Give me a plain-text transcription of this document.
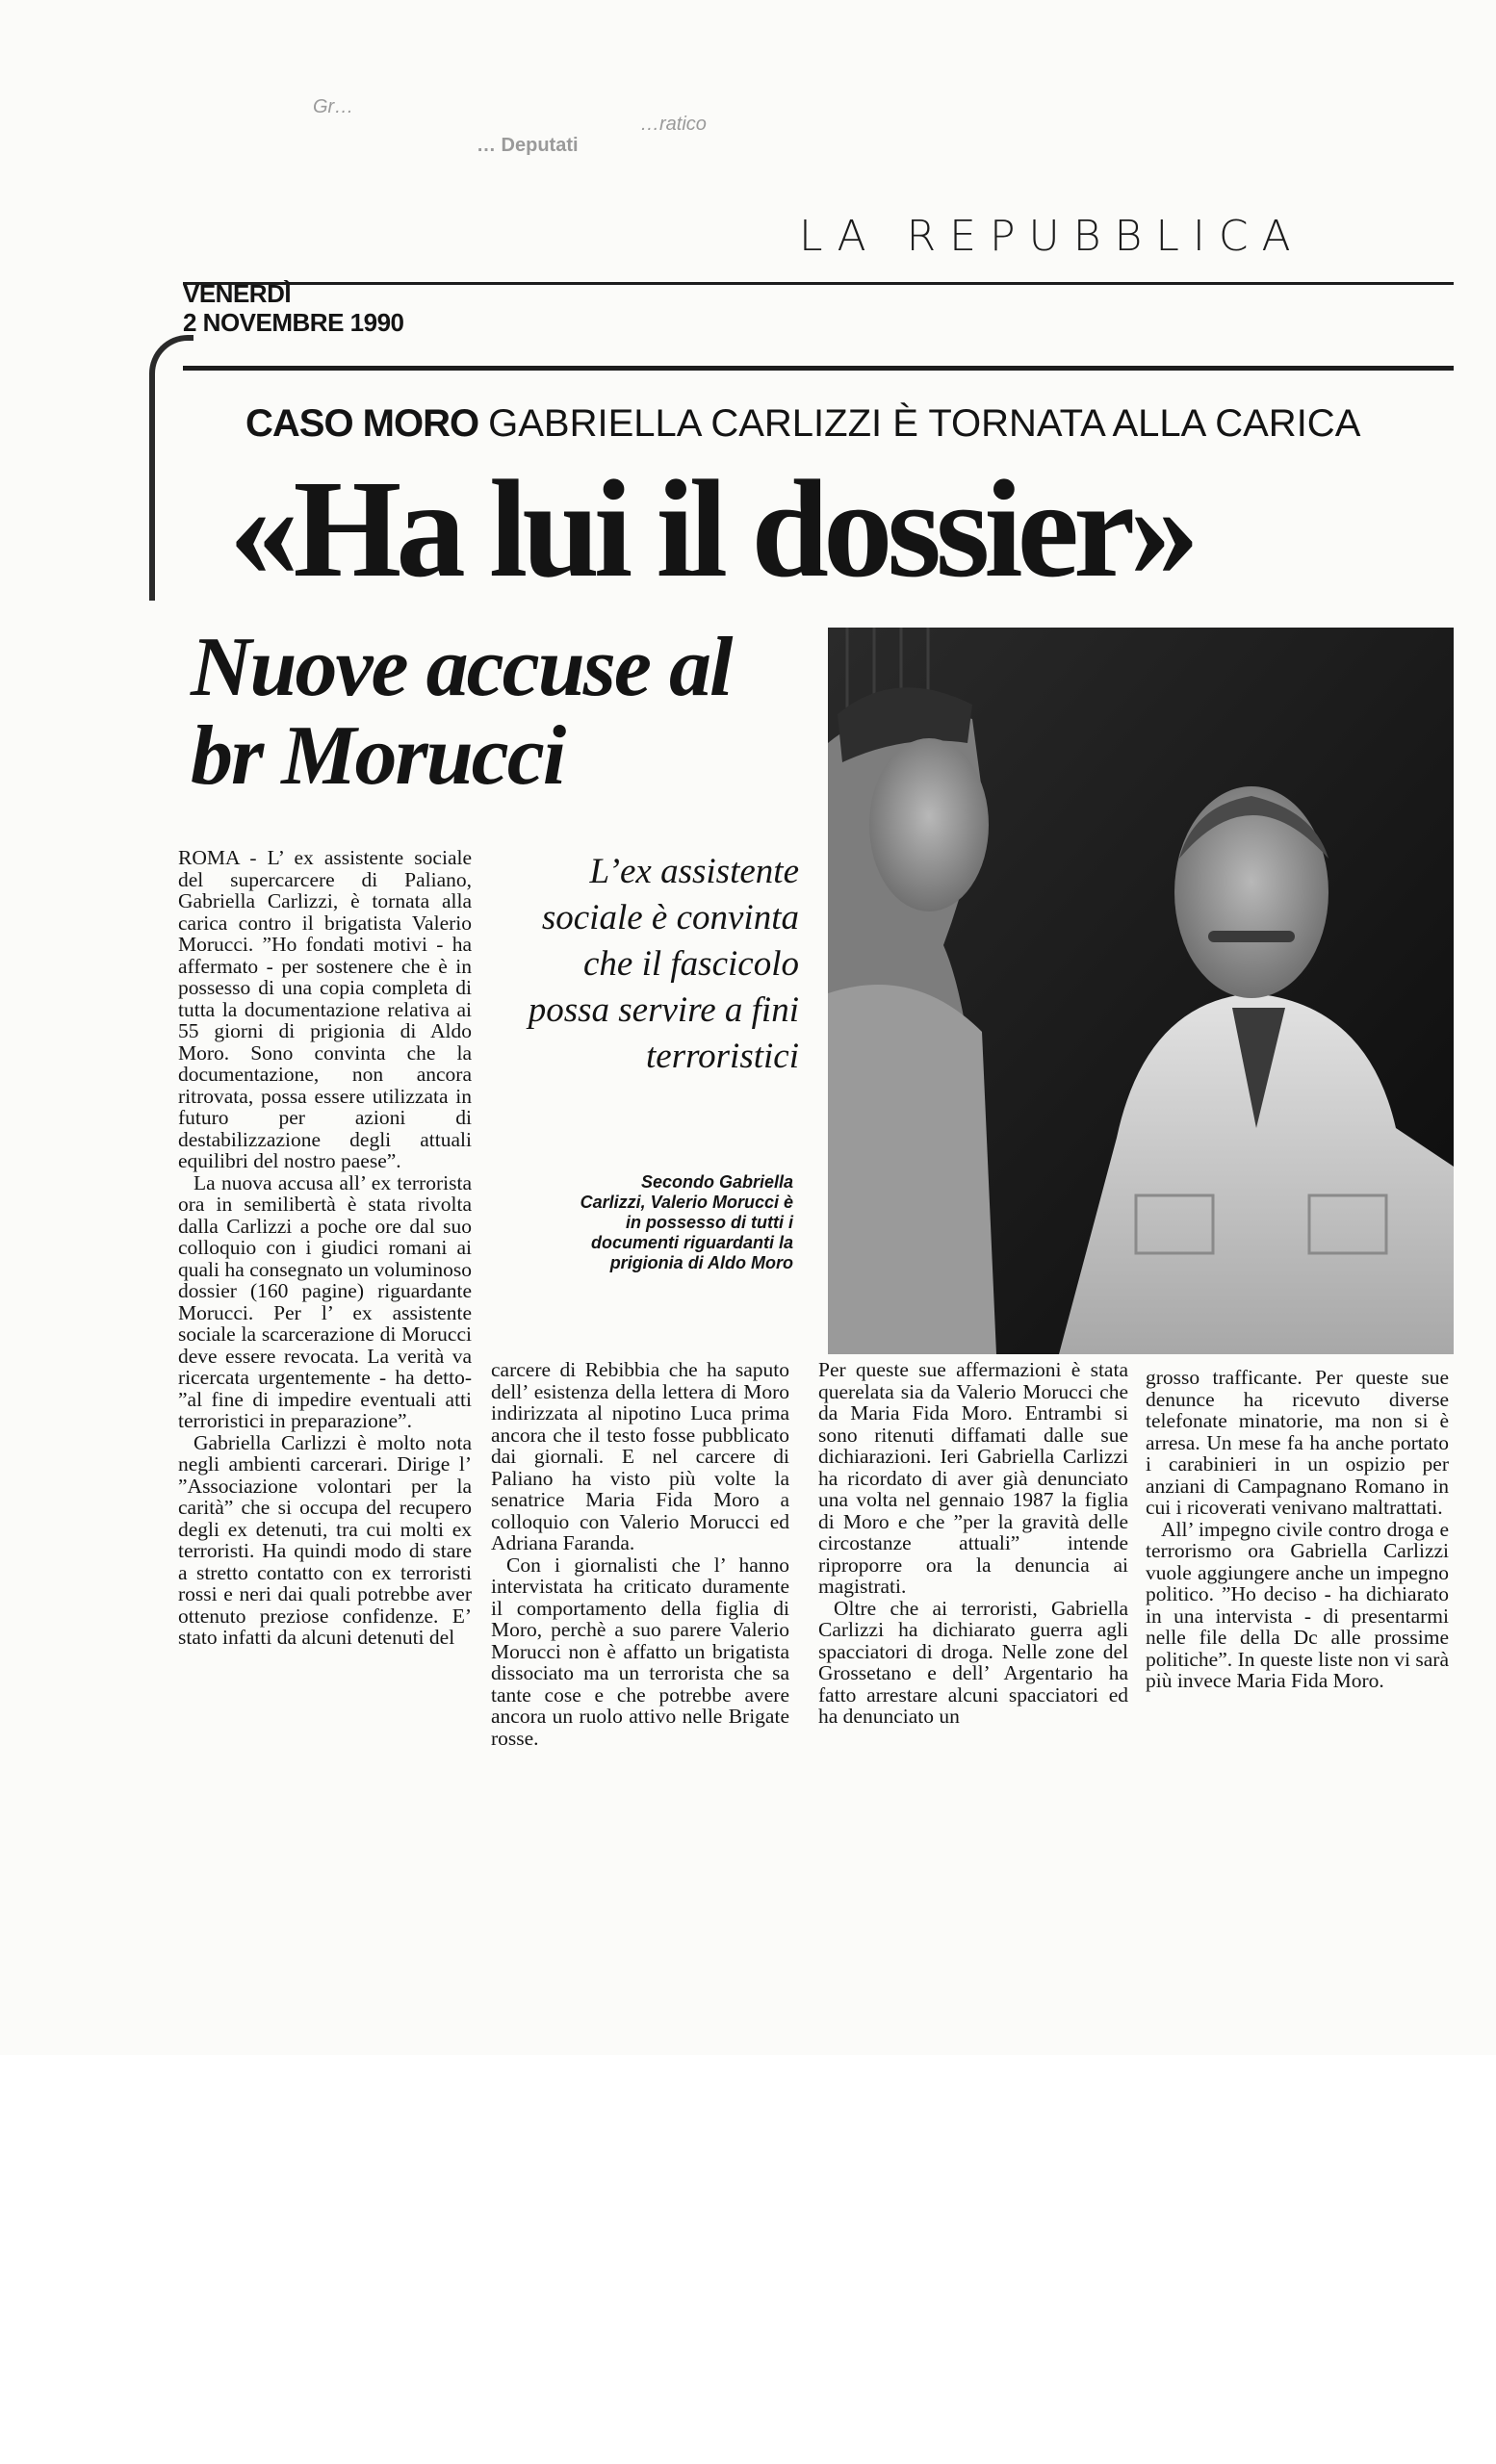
Gr…
…ratico
… Deputati
LA REPUBBLICA
VENERDÌ
2 NOVEMBRE 1990
CASO MORO GABRIELLA CARLIZZI È TORNATA ALLA CARICA
«Ha lui il dossier»
Nuove accuse al br Morucci
L’ex assistente sociale è convinta che il fascicolo possa servire a fini terroristici
Secondo Gabriella Carlizzi, Valerio Morucci è in possesso di tutti i documenti riguardanti la prigionia di Aldo Moro

ROMA - L’ ex assistente sociale del supercarcere di Paliano, Gabriella Carlizzi, è tornata alla carica contro il brigatista Valerio Morucci. ”Ho fondati motivi - ha affermato - per sostenere che è in possesso di una copia completa di tutta la documentazione relativa ai 55 giorni di prigionia di Aldo Moro. Sono convinta che la documentazione, non ancora ritrovata, possa essere utilizzata in futuro per azioni di destabilizzazione degli attuali equilibri del nostro paese”.

La nuova accusa all’ ex terrorista ora in semilibertà è stata rivolta dalla Carlizzi a poche ore dal suo colloquio con i giudici romani ai quali ha consegnato un voluminoso dossier (160 pagine) riguardante Morucci. Per l’ ex assistente sociale la scarcerazione di Morucci deve essere revocata. La verità va ricercata urgentemente - ha detto- ”al fine di impedire eventuali atti terroristici in preparazione”.

Gabriella Carlizzi è molto nota negli ambienti carcerari. Dirige l’ ”Associazione volontari per la carità” che si occupa del recupero degli ex detenuti, tra cui molti ex terroristi. Ha quindi modo di stare a stretto contatto con ex terroristi rossi e neri dai quali potrebbe aver ottenuto preziose confidenze. E’ stato infatti da alcuni detenuti del

carcere di Rebibbia che ha saputo dell’ esistenza della lettera di Moro indirizzata al nipotino Luca prima ancora che il testo fosse pubblicato dai giornali. E nel carcere di Paliano ha visto più volte la senatrice Maria Fida Moro a colloquio con Valerio Morucci ed Adriana Faranda.

Con i giornalisti che l’ hanno intervistata ha criticato duramente il comportamento della figlia di Moro, perchè a suo parere Valerio Morucci non è affatto un brigatista dissociato ma un terrorista che sa tante cose e che potrebbe avere ancora un ruolo attivo nelle Brigate rosse.

Per queste sue affermazioni è stata querelata sia da Valerio Morucci che da Maria Fida Moro. Entrambi si sono ritenuti diffamati dalle sue dichiarazioni. Ieri Gabriella Carlizzi ha ricordato di aver già denunciato una volta nel gennaio 1987 la figlia di Moro e che ”per la gravità delle circostanze attuali” intende riproporre ora la denuncia ai magistrati.

Oltre che ai terroristi, Gabriella Carlizzi ha dichiarato guerra agli spacciatori di droga. Nelle zone del Grossetano e dell’ Argentario ha fatto arrestare alcuni spacciatori ed ha denunciato un

grosso trafficante. Per queste sue denunce ha ricevuto diverse telefonate minatorie, ma non si è arresa. Un mese fa ha anche portato i carabinieri in un ospizio per anziani di Campagnano Romano in cui i ricoverati venivano maltrattati.

All’ impegno civile contro droga e terrorismo ora Gabriella Carlizzi vuole aggiungere anche un impegno politico. ”Ho deciso - ha dichiarato in una intervista - di presentarmi nelle file della Dc alle prossime politiche”. In queste liste non vi sarà più invece Maria Fida Moro.
